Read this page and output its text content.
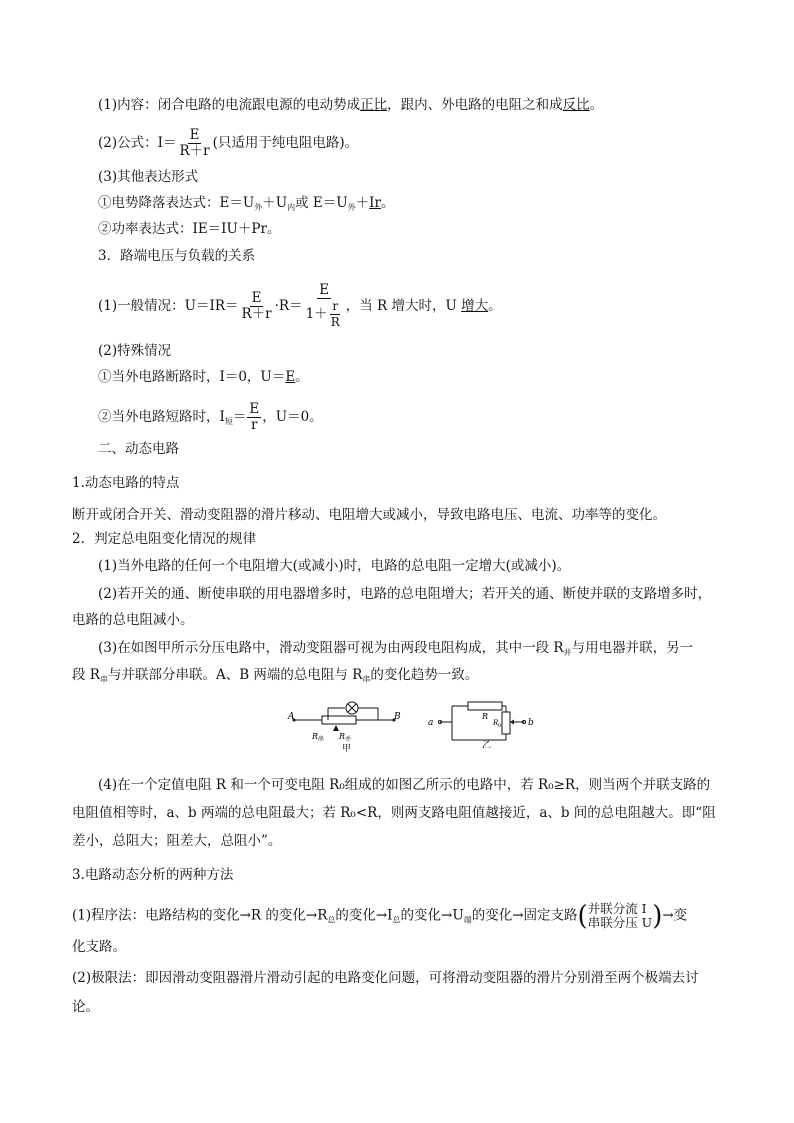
(1)内容：闭合电路的电流跟电源的电动势成正比，跟内、外电路的电阻之和成反比。
(2)公式：$I= \frac{E}{R+r}$ (只适用于纯电阻电路)。
(3)其他表达形式
①电势降落表达式：$E=U_外+U_内$或 $E=U_外+Ir$。
②功率表达式：IE＝IU＋Pr。
3．路端电压与负载的关系
(1)一般情况：$U=IR= \frac{E}{R+r} \cdot R= \frac{E}{1+ \frac{r}{R}}$ ，当 R 增大时，U 增大。
(2)特殊情况
①当外电路断路时，I＝0，U＝E。
②当外电路短路时，$I_短= \frac{E}{r}$ ，U＝0。
二、动态电路
1.动态电路的特点
断开或闭合开关、滑动变阻器的滑片移动、电阻增大或减小，导致电路电压、电流、功率等的变化。
2．判定总电阻变化情况的规律
(1)当外电路的任何一个电阻增大(或减小)时，电路的总电阻一定增大(或减小)。
(2)若开关的通、断使串联的用电器增多时，电路的总电阻增大；若开关的通、断使并联的支路增多时，
电路的总电阻减小。
(3)在如图甲所示分压电路中，滑动变阻器可视为由两段电阻构成，其中一段 $R_并$与用电器并联，另一
段 $R_串$与并联部分串联。A、B 两端的总电阻与 $R_串$的变化趋势一致。
A	B
R 串 R 并
甲
a	b
R
R 0
乙
(4)在一个定值电阻 R 和一个可变电阻 R₀组成的如图乙所示的电路中，若 R₀≥R，则当两个并联支路的
电阻值相等时，a、b 两端的总电阻最大；若 R₀<R，则两支路电阻值越接近，a、b 间的总电阻越大。即“阻
差小，总阻大；阻差大，总阻小”。
3.电路动态分析的两种方法
(1)程序法：电路结构的变化→R 的变化$\to R_总$的变化$\to I_总$的变化$\to U_端$的变化→固定支路 ( 并联分流 I
串联分压 U ) →变
化支路。
(2)极限法：即因滑动变阻器滑片滑动引起的电路变化问题，可将滑动变阻器的滑片分别滑至两个极端去讨
论。
